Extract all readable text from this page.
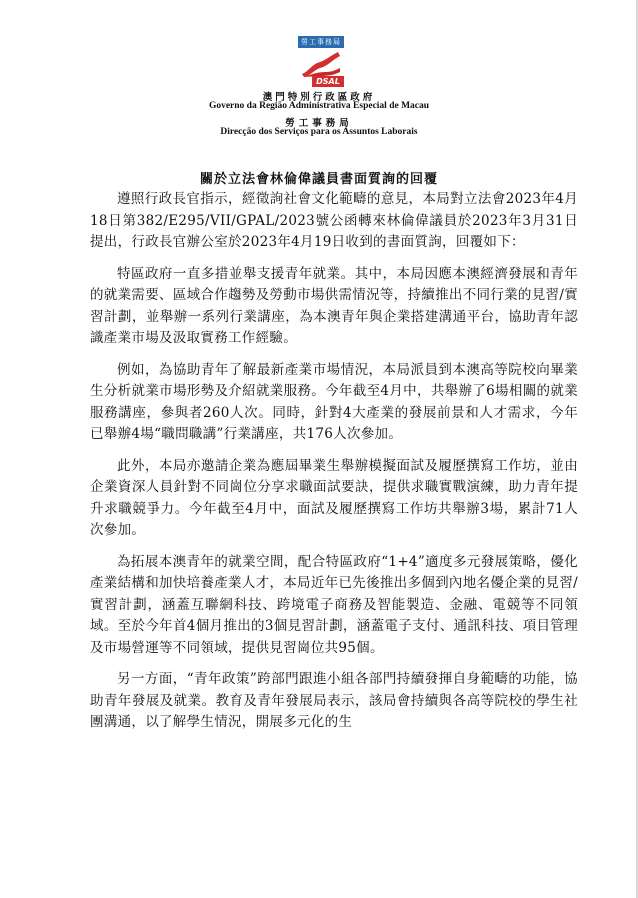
勞工事務局
DSAL
澳門特別行政區政府
Governo da Região Administrativa Especial de Macau
勞工事務局
Direcção dos Serviços para os Assuntos Laborais
關於立法會林倫偉議員書面質詢的回覆

遵照行政長官指示，經徵詢社會文化範疇的意見，本局對立法會2023年4月18日第382/E295/VII/GPAL/2023號公函轉來林倫偉議員於2023年3月31日提出，行政長官辦公室於2023年4月19日收到的書面質詢，回覆如下：

特區政府一直多措並舉支援青年就業。其中，本局因應本澳經濟發展和青年的就業需要、區域合作趨勢及勞動市場供需情況等，持續推出不同行業的見習/實習計劃，並舉辦一系列行業講座，為本澳青年與企業搭建溝通平台，協助青年認識產業市場及汲取實務工作經驗。

例如，為協助青年了解最新產業市場情況，本局派員到本澳高等院校向畢業生分析就業市場形勢及介紹就業服務。今年截至4月中，共舉辦了6場相關的就業服務講座，參與者260人次。同時，針對4大產業的發展前景和人才需求，今年已舉辦4場“職問職講”行業講座，共176人次參加。

此外，本局亦邀請企業為應屆畢業生舉辦模擬面試及履歷撰寫工作坊，並由企業資深人員針對不同崗位分享求職面試要訣，提供求職實戰演練，助力青年提升求職競爭力。今年截至4月中，面試及履歷撰寫工作坊共舉辦3場，累計71人次參加。

為拓展本澳青年的就業空間，配合特區政府“1+4”適度多元發展策略，優化產業結構和加快培養產業人才，本局近年已先後推出多個到內地名優企業的見習/實習計劃，涵蓋互聯網科技、跨境電子商務及智能製造、金融、電競等不同領域。至於今年首4個月推出的3個見習計劃，涵蓋電子支付、通訊科技、項目管理及市場營運等不同領域，提供見習崗位共95個。

另一方面，“青年政策”跨部門跟進小組各部門持續發揮自身範疇的功能，協助青年發展及就業。教育及青年發展局表示，該局會持續與各高等院校的學生社團溝通，以了解學生情況，開展多元化的生
